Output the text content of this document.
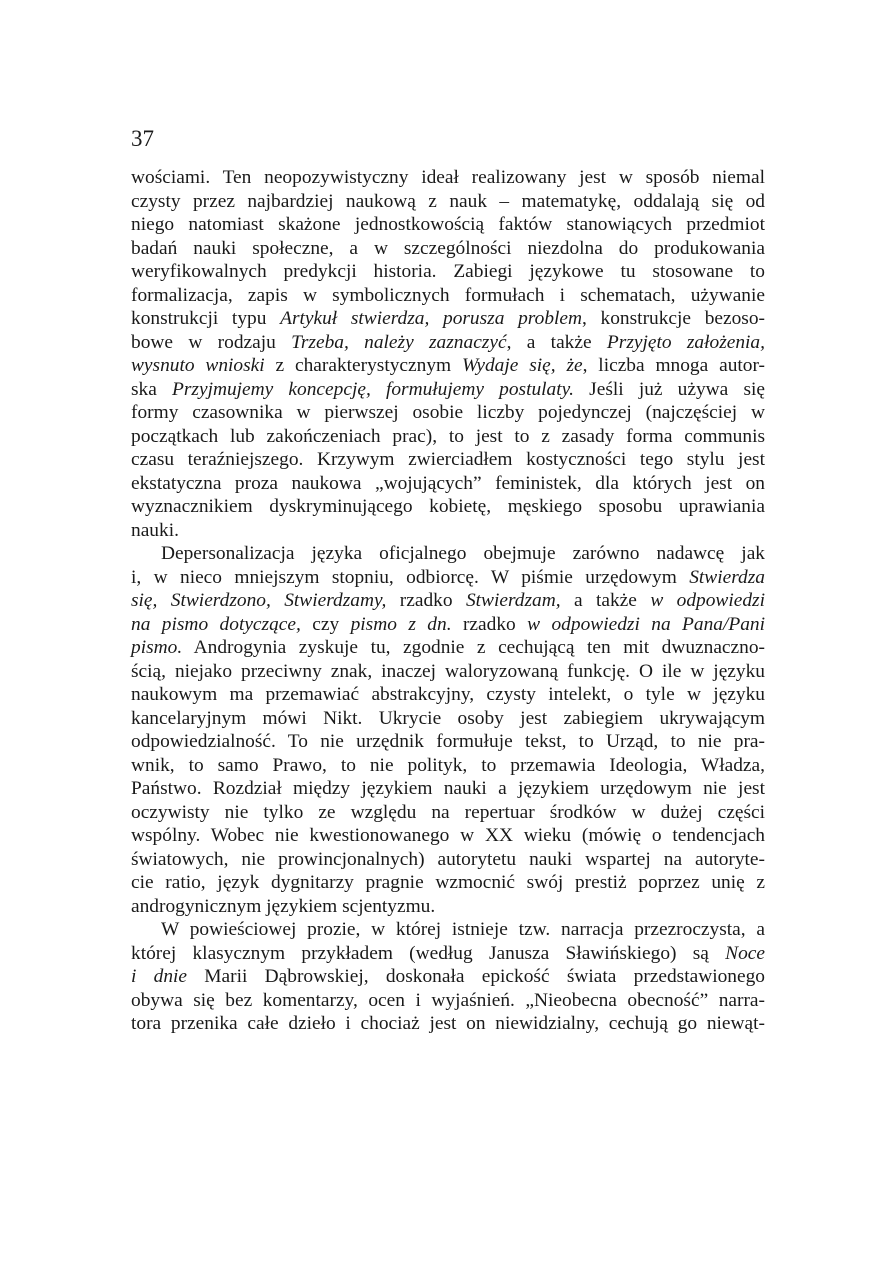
37
wościami. Ten neopozywistyczny ideał realizowany jest w sposób niemal
czysty przez najbardziej naukową z nauk – matematykę, oddalają się od
niego natomiast skażone jednostkowością faktów stanowiących przedmiot
badań nauki społeczne, a w szczególności niezdolna do produkowania
weryfikowalnych predykcji historia. Zabiegi językowe tu stosowane to
formalizacja, zapis w symbolicznych formułach i schematach, używanie
konstrukcji typu Artykuł stwierdza, porusza problem, konstrukcje bezoso-
bowe w rodzaju Trzeba, należy zaznaczyć, a także Przyjęto założenia,
wysnuto wnioski z charakterystycznym Wydaje się, że, liczba mnoga autor-
ska Przyjmujemy koncepcję, formułujemy postulaty. Jeśli już używa się
formy czasownika w pierwszej osobie liczby pojedynczej (najczęściej w
początkach lub zakończeniach prac), to jest to z zasady forma communis
czasu teraźniejszego. Krzywym zwierciadłem kostyczności tego stylu jest
ekstatyczna proza naukowa „wojujących” feministek, dla których jest on
wyznacznikiem dyskryminującego kobietę, męskiego sposobu uprawiania
nauki.
Depersonalizacja języka oficjalnego obejmuje zarówno nadawcę jak
i, w nieco mniejszym stopniu, odbiorcę. W piśmie urzędowym Stwierdza
się, Stwierdzono, Stwierdzamy, rzadko Stwierdzam, a także w odpowiedzi
na pismo dotyczące, czy pismo z dn. rzadko w odpowiedzi na Pana/Pani
pismo. Androgynia zyskuje tu, zgodnie z cechującą ten mit dwuznaczno-
ścią, niejako przeciwny znak, inaczej waloryzowaną funkcję. O ile w języku
naukowym ma przemawiać abstrakcyjny, czysty intelekt, o tyle w języku
kancelaryjnym mówi Nikt. Ukrycie osoby jest zabiegiem ukrywającym
odpowiedzialność. To nie urzędnik formułuje tekst, to Urząd, to nie pra-
wnik, to samo Prawo, to nie polityk, to przemawia Ideologia, Władza,
Państwo. Rozdział między językiem nauki a językiem urzędowym nie jest
oczywisty nie tylko ze względu na repertuar środków w dużej części
wspólny. Wobec nie kwestionowanego w XX wieku (mówię o tendencjach
światowych, nie prowincjonalnych) autorytetu nauki wspartej na autoryte-
cie ratio, język dygnitarzy pragnie wzmocnić swój prestiż poprzez unię z
androgynicznym językiem scjentyzmu.
W powieściowej prozie, w której istnieje tzw. narracja przezroczysta, a
której klasycznym przykładem (według Janusza Sławińskiego) są Noce
i dnie Marii Dąbrowskiej, doskonała epickość świata przedstawionego
obywa się bez komentarzy, ocen i wyjaśnień. „Nieobecna obecność” narra-
tora przenika całe dzieło i chociaż jest on niewidzialny, cechują go niewąt-
